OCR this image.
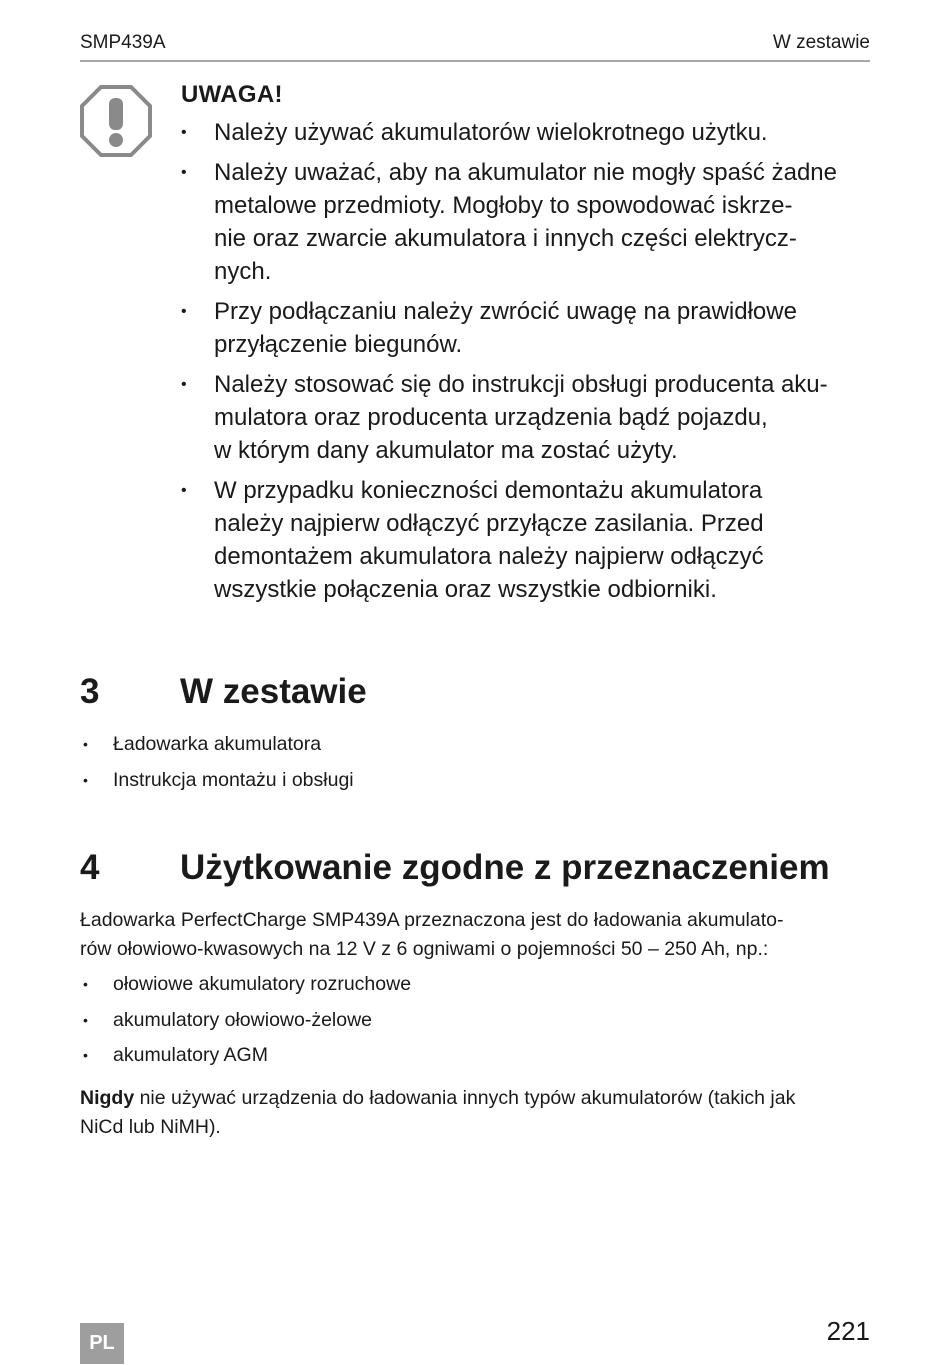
SMP439A	W zestawie
UWAGA!
• Należy używać akumulatorów wielokrotnego użytku.
• Należy uważać, aby na akumulator nie mogły spaść żadne
metalowe przedmioty. Mogłoby to spowodować iskrze-
nie oraz zwarcie akumulatora i innych części elektrycz-
nych.
• Przy podłączaniu należy zwrócić uwagę na prawidłowe
przyłączenie biegunów.
• Należy stosować się do instrukcji obsługi producenta aku-
mulatora oraz producenta urządzenia bądź pojazdu,
w którym dany akumulator ma zostać użyty.
• W przypadku konieczności demontażu akumulatora
należy najpierw odłączyć przyłącze zasilania. Przed
demontażem akumulatora należy najpierw odłączyć
wszystkie połączenia oraz wszystkie odbiorniki.
3 W zestawie
• Ładowarka akumulatora
• Instrukcja montażu i obsługi
4 Użytkowanie zgodne z przeznaczeniem
Ładowarka PerfectCharge SMP439A przeznaczona jest do ładowania akumulato-
rów ołowiowo-kwasowych na 12 V z 6 ogniwami o pojemności 50 – 250 Ah, np.:
• ołowiowe akumulatory rozruchowe
• akumulatory ołowiowo-żelowe
• akumulatory AGM
Nigdy nie używać urządzenia do ładowania innych typów akumulatorów (takich jak
NiCd lub NiMH).
PL	221
